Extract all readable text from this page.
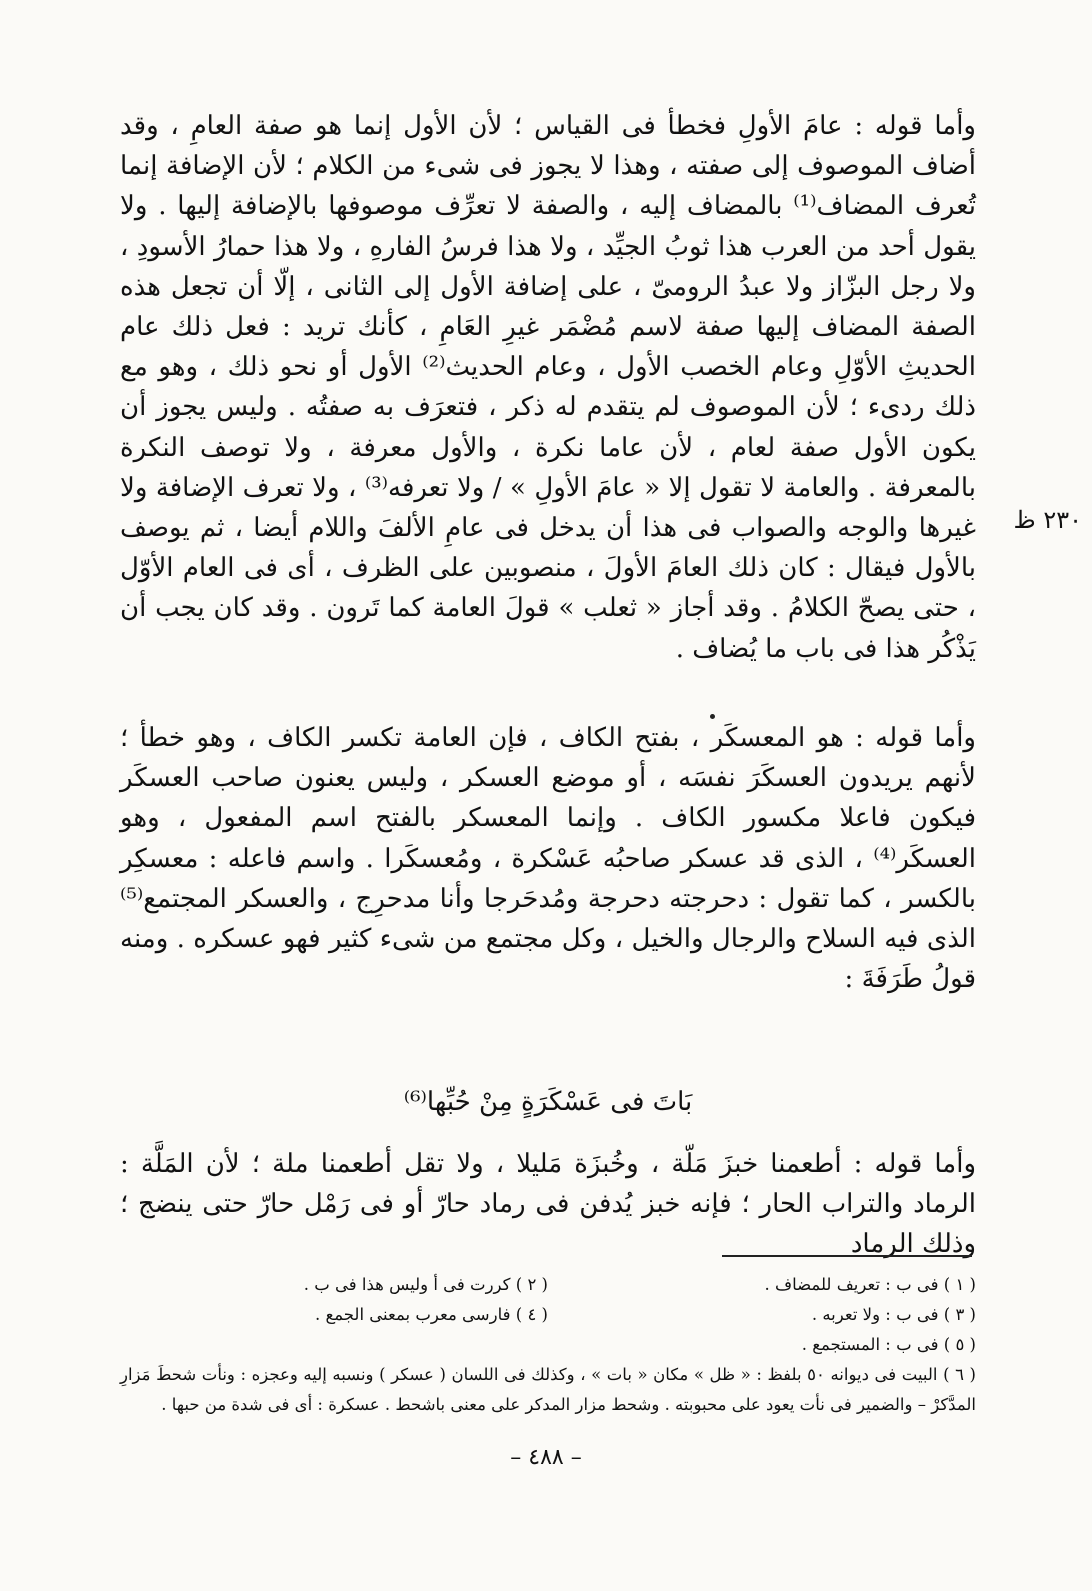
وأما قوله : عامَ الأولِ فخطأ فى القياس ؛ لأن الأول إنما هو صفة العامِ ، وقد أضاف الموصوف إلى صفته ، وهذا لا يجوز فى شىء من الكلام ؛ لأن الإضافة إنما تُعرف المضاف⁽¹⁾ بالمضاف إليه ، والصفة لا تعرِّف موصوفها بالإضافة إليها . ولا يقول أحد من العرب هذا ثوبُ الجيِّد ، ولا هذا فرسُ الفارهِ ، ولا هذا حمارُ الأسودِ ، ولا رجل البزّاز ولا عبدُ الرومىّ ، على إضافة الأول إلى الثانى ، إلّا أن تجعل هذه الصفة المضاف إليها صفة لاسم مُضْمَر غيرِ العَامِ ، كأنك تريد : فعل ذلك عام الحديثِ الأوّلِ وعام الخصب الأول ، وعام الحديث⁽²⁾ الأول أو نحو ذلك ، وهو مع ذلك ردىء ؛ لأن الموصوف لم يتقدم له ذكر ، فتعرَف به صفتُه . وليس يجوز أن يكون الأول صفة لعام ، لأن عاما نكرة ، والأول معرفة ، ولا توصف النكرة بالمعرفة . والعامة لا تقول إلا « عامَ الأولِ » / ولا تعرفه⁽³⁾ ، ولا تعرف الإضافة ولا غيرها والوجه والصواب فى هذا أن يدخل فى عامِ الألفَ واللام أيضا ، ثم يوصف بالأول فيقال : كان ذلك العامَ الأولَ ، منصوبين على الظرف ، أى فى العام الأوّل ، حتى يصحّ الكلامُ . وقد أجاز « ثعلب » قولَ العامة كما تَرون . وقد كان يجب أن يَذْكُر هذا فى باب ما يُضاف .

٢٣٠ ظ

وأما قوله : هو المعسكَر ، بفتح الكاف ، فإن العامة تكسر الكاف ، وهو خطأ ؛ لأنهم يريدون العسكَرَ نفسَه ، أو موضع العسكر ، وليس يعنون صاحب العسكَر فيكون فاعلا مكسور الكاف . وإنما المعسكر بالفتح اسم المفعول ، وهو العسكَر⁽⁴⁾ ، الذى قد عسكر صاحبُه عَسْكرة ، ومُعسكَرا . واسم فاعله : معسكِر بالكسر ، كما تقول : دحرجته دحرجة ومُدحَرجا وأنا مدحرِج ، والعسكر المجتمع⁽⁵⁾ الذى فيه السلاح والرجال والخيل ، وكل مجتمع من شىء كثير فهو عسكره . ومنه قولُ طَرَفَةَ :

بَاتَ فى عَسْكَرَةٍ مِنْ حُبِّها⁽⁶⁾

وأما قوله : أطعمنا خبزَ مَلّة ، وخُبزَة مَليلا ، ولا تقل أطعمنا ملة ؛ لأن المَلَّة : الرماد والتراب الحار ؛ فإنه خبز يُدفن فى رماد حارّ أو فى رَمْل حارّ حتى ينضج ؛ وذلك الرماد

( ١ ) فى ب : تعريف للمضاف .
( ٢ ) كررت فى أ وليس هذا فى ب .
( ٣ ) فى ب : ولا تعربه .
( ٤ ) فارسى معرب بمعنى الجمع .
( ٥ ) فى ب : المستجمع .
( ٦ ) البيت فى ديوانه ٥٠ بلفظ : « ظل » مكان « بات » ، وكذلك فى اللسان ( عسكر ) ونسبه إليه وعجزه : ونأت شحطَ مَزارِ المدَّكرْ – والضمير فى نأت يعود على محبوبته . وشحط مزار المدكر على معنى باشحط . عسكرة : أى فى شدة من حبها .
– ٤٨٨ –
